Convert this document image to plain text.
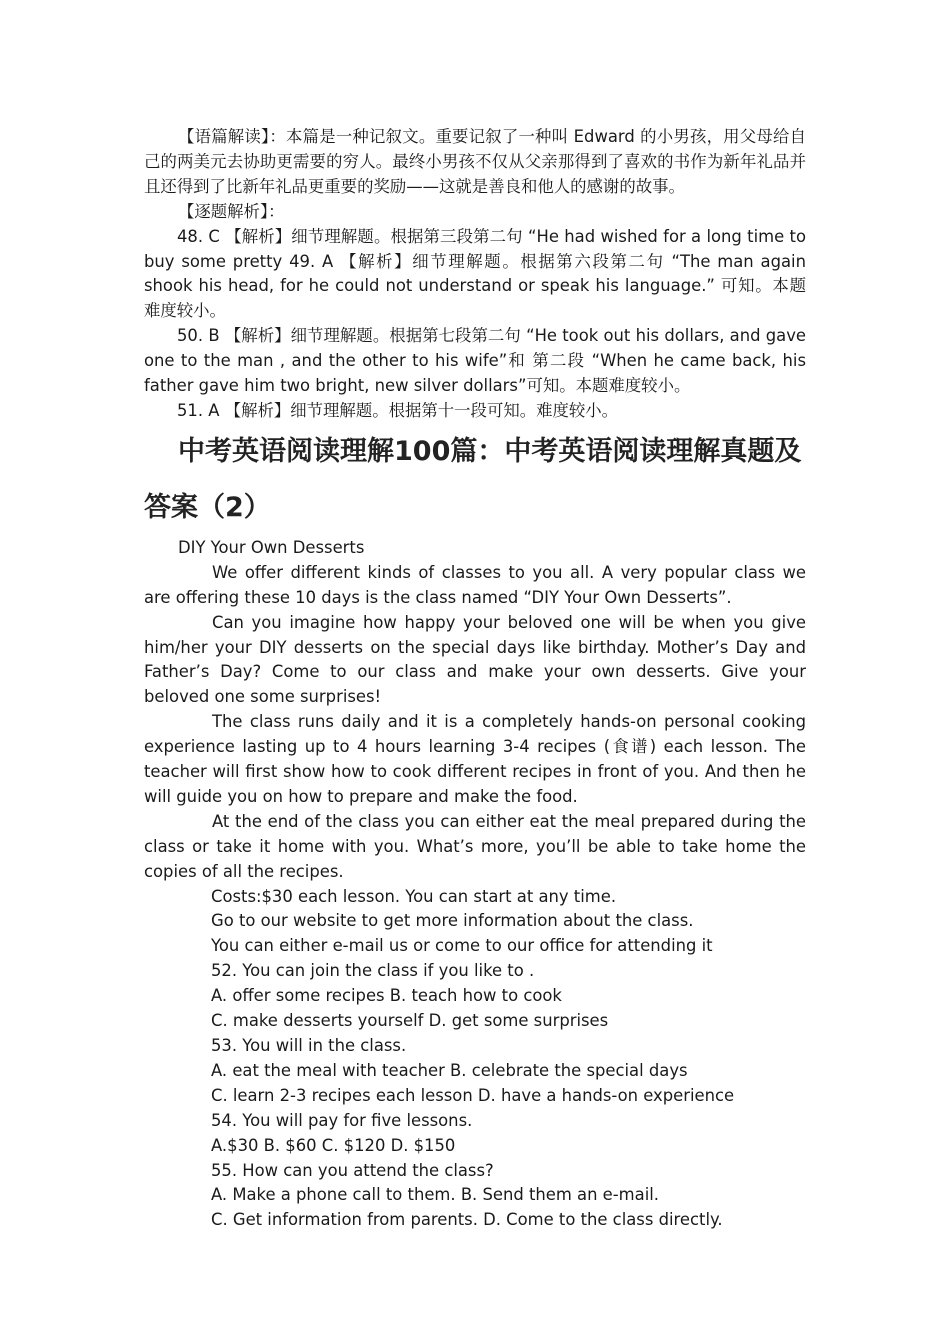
【语篇解读】：本篇是一种记叙文。重要记叙了一种叫 Edward 的小男孩，用父母给自己的两美元去协助更需要的穷人。最终小男孩不仅从父亲那得到了喜欢的书作为新年礼品并且还得到了比新年礼品更重要的奖励——这就是善良和他人的感谢的故事。

【逐题解析】：

48. C 【解析】细节理解题。根据第三段第二句 “He had wished for a long time to buy some pretty 49. A 【解析】细节理解题。根据第六段第二句 “The man again shook his head, for he could not understand or speak his language.” 可知。本题难度较小。

50. B 【解析】细节理解题。根据第七段第二句 “He took out his dollars, and gave one to the man , and the other to his wife”和 第二段 “When he came back, his father gave him two bright, new silver dollars”可知。本题难度较小。

51. A 【解析】细节理解题。根据第十一段可知。难度较小。

中考英语阅读理解100篇：中考英语阅读理解真题及答案（2）

DIY Your Own Desserts

We offer different kinds of classes to you all. A very popular class we are offering these 10 days is the class named “DIY Your Own Desserts”.

Can you imagine how happy your beloved one will be when you give him/her your DIY desserts on the special days like birthday. Mother’s Day and Father’s Day? Come to our class and make your own desserts. Give your beloved one some surprises!

The class runs daily and it is a completely hands-on personal cooking experience lasting up to 4 hours learning 3-4 recipes (食谱) each lesson. The teacher will first show how to cook different recipes in front of you. And then he will guide you on how to prepare and make the food.

At the end of the class you can either eat the meal prepared during the class or take it home with you. What’s more, you’ll be able to take home the copies of all the recipes.

Costs:$30 each lesson. You can start at any time.

Go to our website to get more information about the class.

You can either e-mail us or come to our office for attending it

52. You can join the class if you like to .

A. offer some recipes B. teach how to cook

C. make desserts yourself D. get some surprises

53. You will in the class.

A. eat the meal with teacher B. celebrate the special days

C. learn 2-3 recipes each lesson D. have a hands-on experience

54. You will pay for five lessons.

A.$30 B. $60 C. $120 D. $150

55. How can you attend the class?

A. Make a phone call to them. B. Send them an e-mail.

C. Get information from parents. D. Come to the class directly.
